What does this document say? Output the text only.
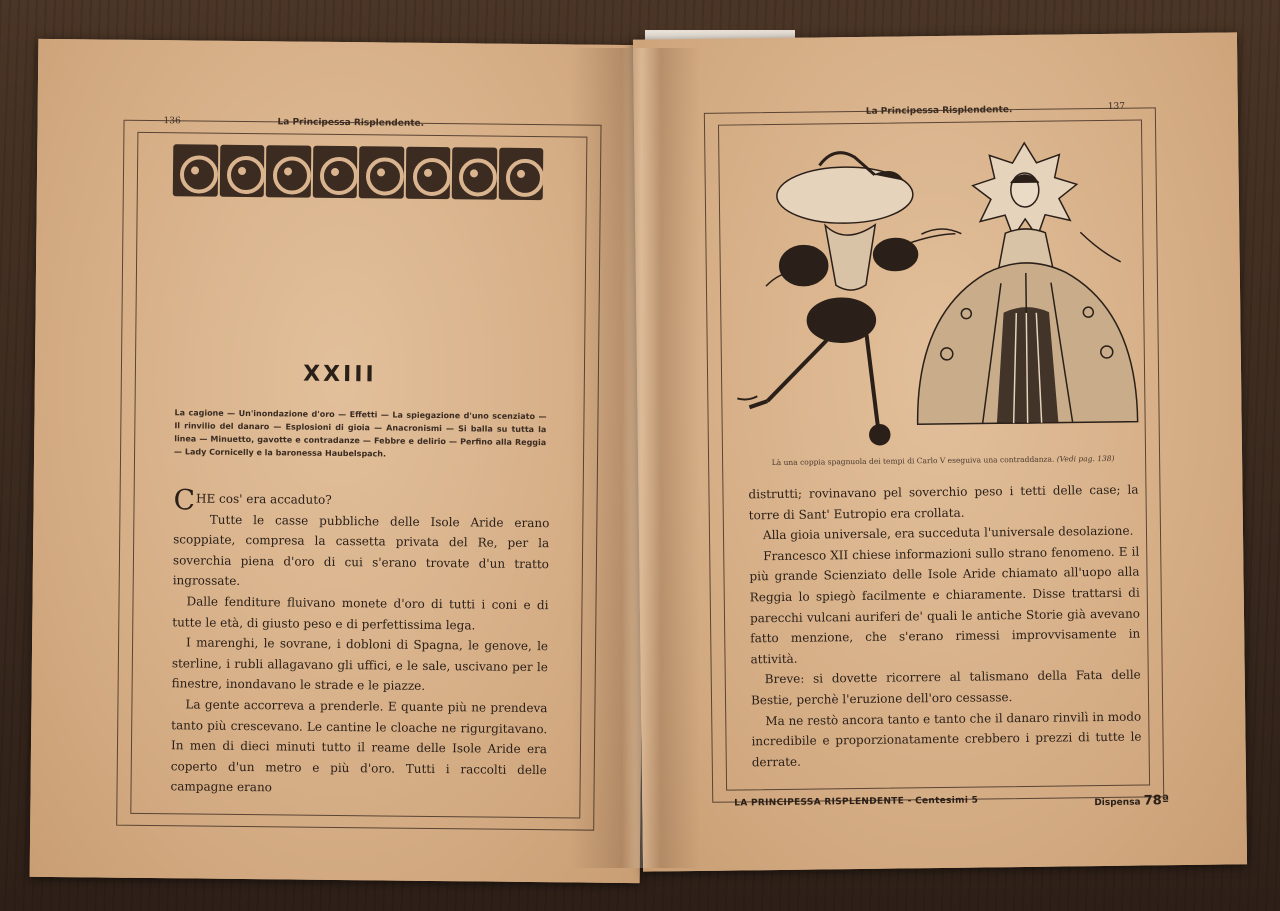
136	La Principessa Risplendente.
XXIII
La cagione — Un'inondazione d'oro — Effetti — La spiegazione d'uno scenziato — Il rinvilio del danaro — Esplosioni di gioia — Anacronismi — Si balla su tutta la linea — Minuetto, gavotte e contradanze — Febbre e delirio — Perfino alla Reggia — Lady Cornicelly e la baronessa Haubelspach.

CHE cos' era accaduto?

Tutte le casse pubbliche delle Isole Aride erano scoppiate, compresa la cassetta privata del Re, per la soverchia piena d'oro di cui s'erano trovate d'un tratto ingrossate.

Dalle fenditure fluivano monete d'oro di tutti i coni e di tutte le età, di giusto peso e di perfettissima lega.

I marenghi, le sovrane, i dobloni di Spagna, le genove, le sterline, i rubli allagavano gli uffici, e le sale, uscivano per le finestre, inondavano le strade e le piazze.

La gente accorreva a prenderle. E quante più ne prendeva tanto più crescevano. Le cantine le cloache ne rigurgitavano. In men di dieci minuti tutto il reame delle Isole Aride era coperto d'un metro e più d'oro. Tutti i raccolti delle campagne erano

La Principessa Risplendente.	137
Là una coppia spagnuola dei tempi di Carlo V eseguiva una contraddanza. (Vedi pag. 138)

distrutti; rovinavano pel soverchio peso i tetti delle case; la torre di Sant' Eutropio era crollata.

Alla gioia universale, era succeduta l'universale desolazione.

Francesco XII chiese informazioni sullo strano fenomeno. E il più grande Scienziato delle Isole Aride chiamato all'uopo alla Reggia lo spiegò facilmente e chiaramente. Disse trattarsi di parecchi vulcani auriferi de' quali le antiche Storie già avevano fatto menzione, che s'erano rimessi improvvisamente in attività.

Breve: si dovette ricorrere al talismano della Fata delle Bestie, perchè l'eruzione dell'oro cessasse.

Ma ne restò ancora tanto e tanto che il danaro rinvilì in modo incredibile e proporzionatamente crebbero i prezzi di tutte le derrate.

LA PRINCIPESSA RISPLENDENTE - Centesimi 5	Dispensa 78ª
